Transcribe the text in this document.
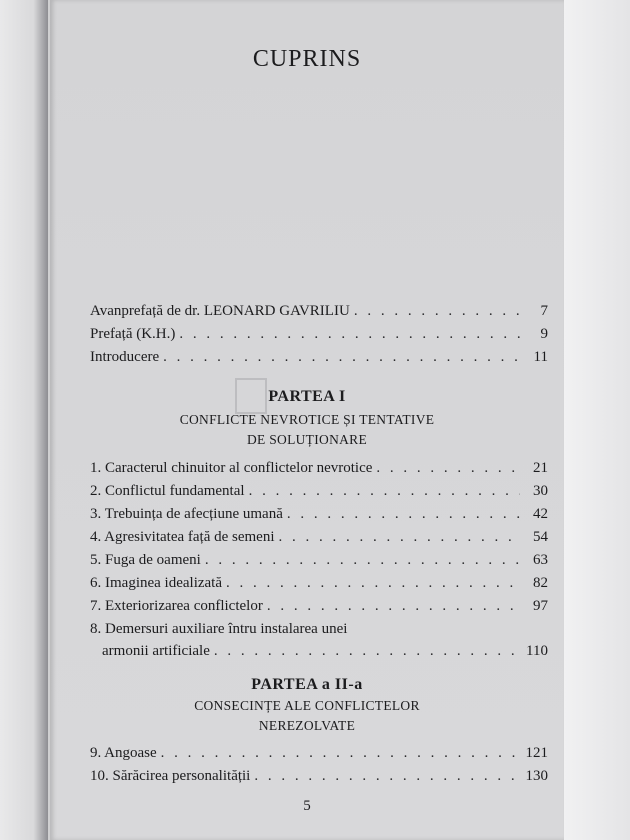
CUPRINS
Avanprefață de dr. LEONARD GAVRILIU . . .	7
Prefață (K.H.) . . .	9
Introducere . . .	11
PARTEA I
CONFLICTE NEVROTICE ȘI TENTATIVE
DE SOLUȚIONARE
1. Caracterul chinuitor al conflictelor nevrotice . . .	21
2. Conflictul fundamental . . .	30
3. Trebuința de afecțiune umană . . .	42
4. Agresivitatea față de semeni . . .	54
5. Fuga de oameni . . .	63
6. Imaginea idealizată . . .	82
7. Exteriorizarea conflictelor . . .	97
8. Demersuri auxiliare întru instalarea unei
armonii artificiale . . .	110
PARTEA a II-a
CONSECINȚE ALE CONFLICTELOR
NEREZOLVATE
9. Angoase . . .	121
10. Sărăcirea personalității . . .	130
5
